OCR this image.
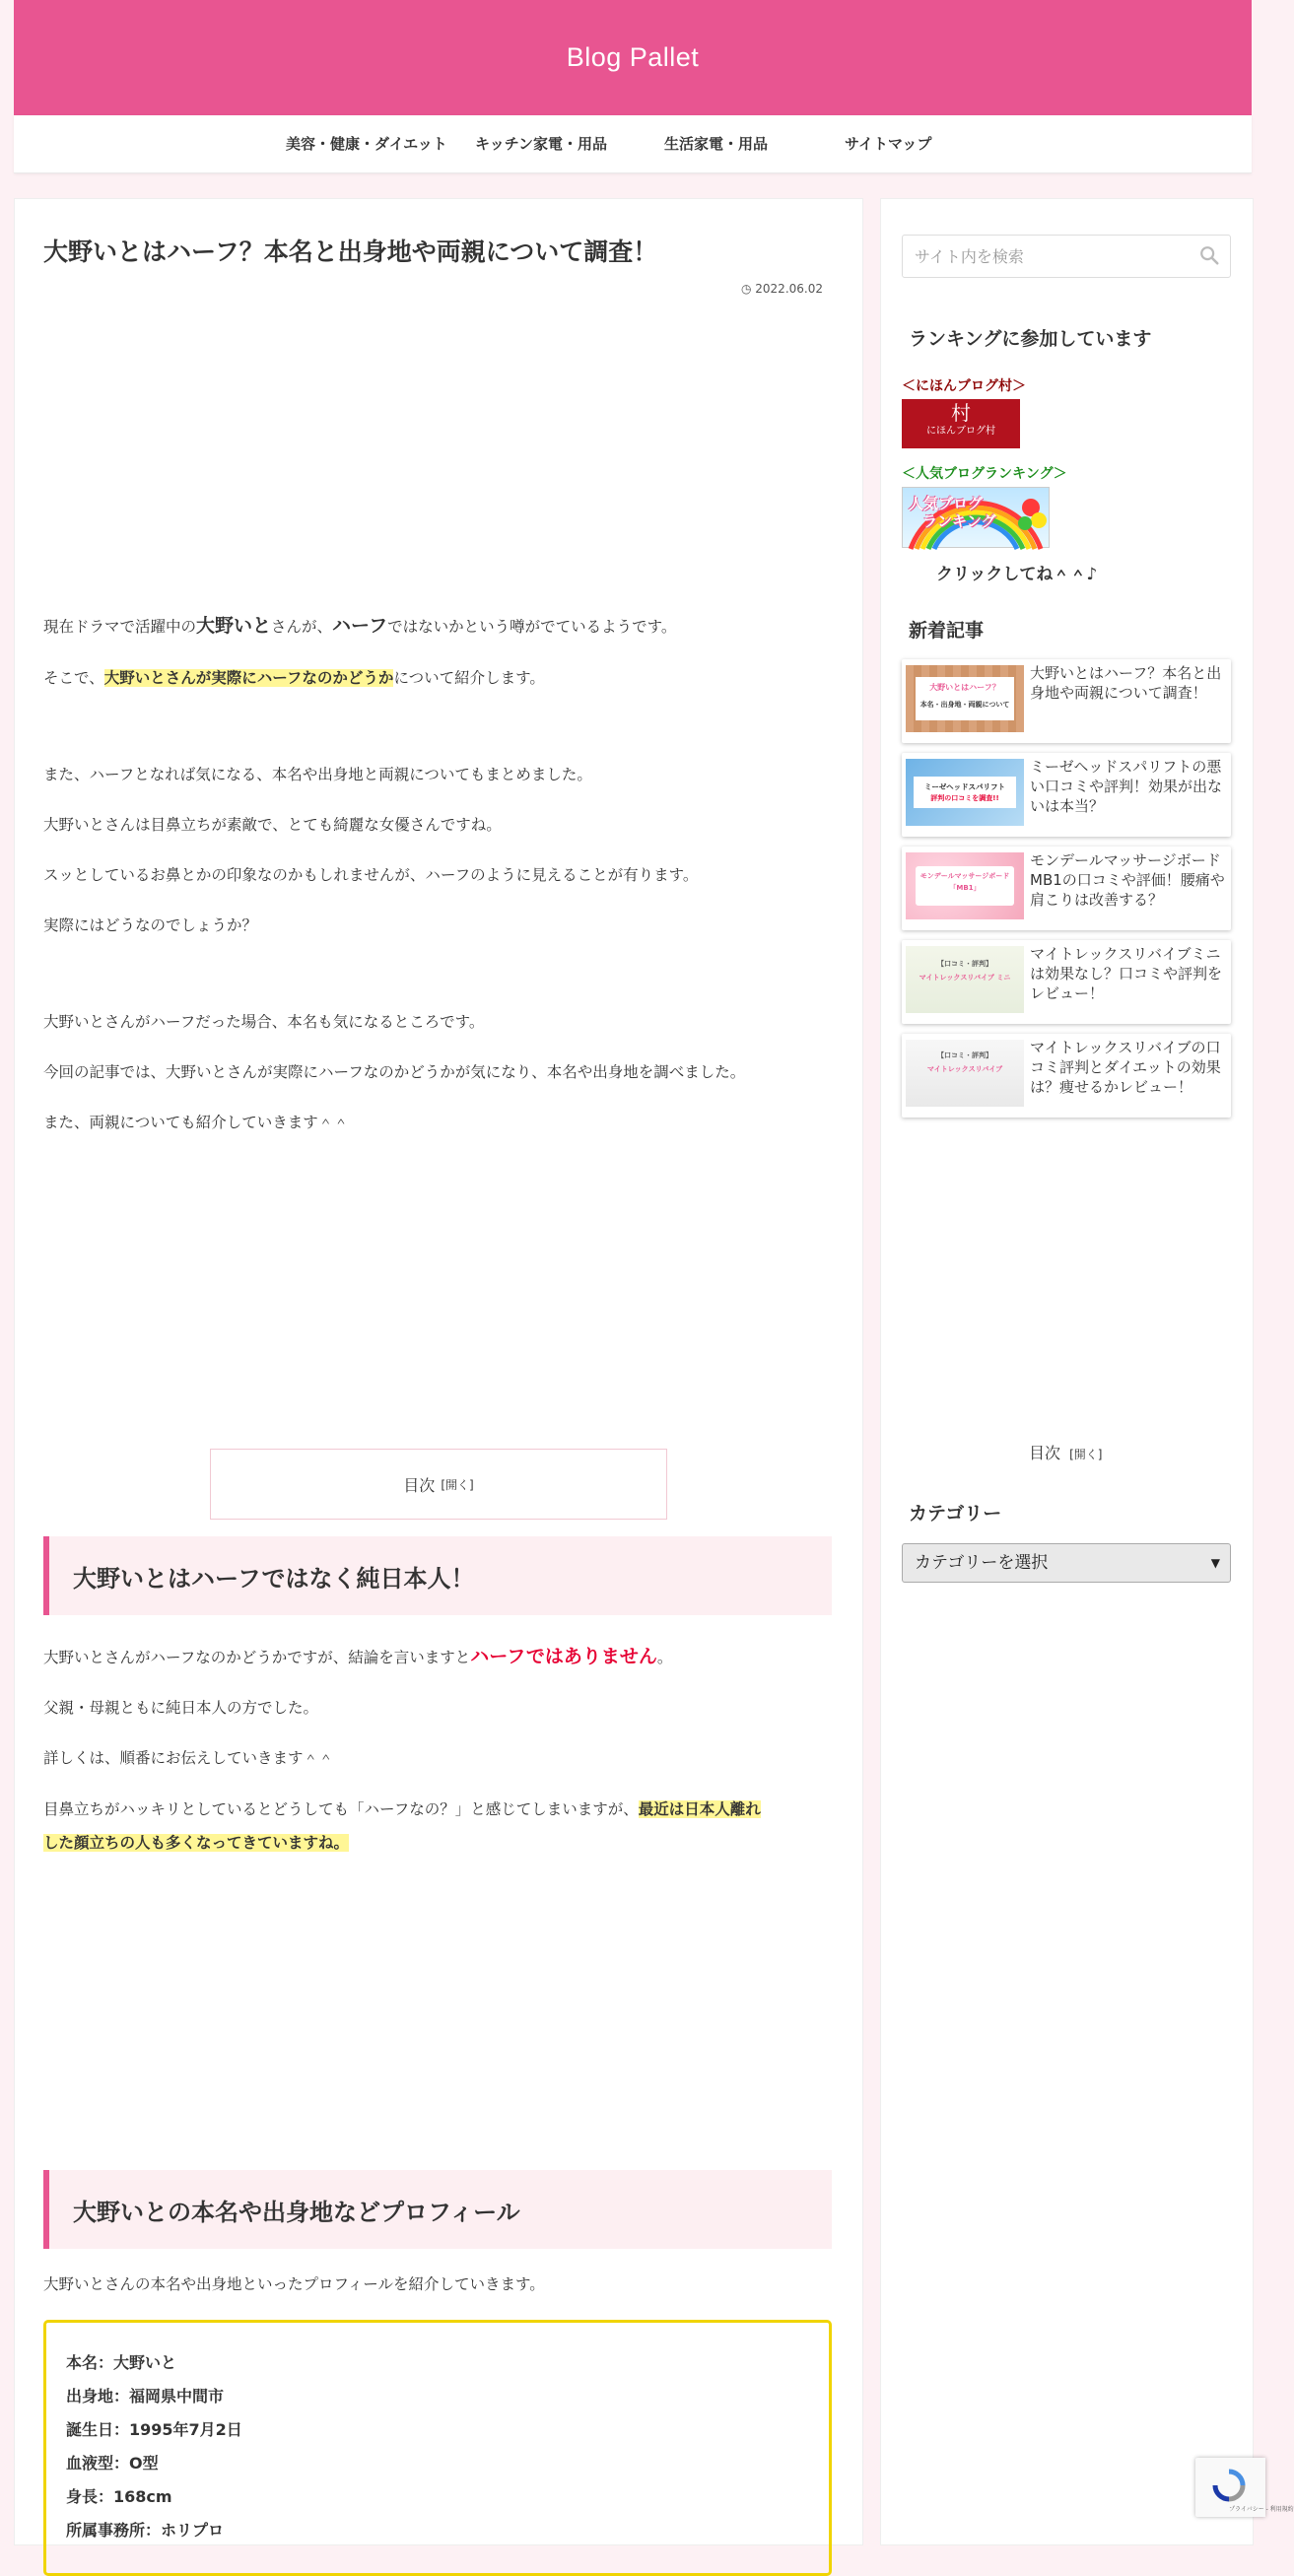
Blog Pallet
美容・健康・ダイエット キッチン家電・用品	生活家電・用品	サイトマップ
大野いとはハーフ？本名と出身地や両親について調査！
◷ 2022.06.02
現在ドラマで活躍中の大野いとさんが、ハーフではないかという噂がでているようです。
そこで、大野いとさんが実際にハーフなのかどうかについて紹介します。
また、ハーフとなれば気になる、本名や出身地と両親についてもまとめました。
大野いとさんは目鼻立ちが素敵で、とても綺麗な女優さんですね。
スッとしているお鼻とかの印象なのかもしれませんが、ハーフのように見えることが有ります。
実際にはどうなのでしょうか？
大野いとさんがハーフだった場合、本名も気になるところです。
今回の記事では、大野いとさんが実際にハーフなのかどうかが気になり、本名や出身地を調べました。
また、両親についても紹介していきます＾＾
目次 [開く]
大野いとはハーフではなく純日本人！
大野いとさんがハーフなのかどうかですが、結論を言いますとハーフではありません。
父親・母親ともに純日本人の方でした。
詳しくは、順番にお伝えしていきます＾＾
目鼻立ちがハッキリとしているとどうしても「ハーフなの？」と感じてしまいますが、最近は日本人離れ
した顔立ちの人も多くなってきていますね。
大野いとの本名や出身地などプロフィール
大野いとさんの本名や出身地といったプロフィールを紹介していきます。
本名：大野いと
出身地：福岡県中間市
誕生日：1995年7月2日
血液型：O型
身長：168cm
所属事務所：ホリプロ
サイト内を検索
ランキングに参加しています
＜にほんブログ村＞
村
にほんブログ村
＜人気ブログランキング＞
人気ブログ
ランキング
クリックしてね＾＾♪
新着記事
大野いとはハーフ？
本名・出身地・両親について
大野いとはハーフ？本名と出身地や両親について調査！
ミーゼヘッドスパリフト
評判の口コミを調査!!
ミーゼヘッドスパリフトの悪い口コミや評判！効果が出ないは本当？
モンデールマッサージボード
「MB1」
モンデールマッサージボードMB1の口コミや評価！腰痛や肩こりは改善する？
【口コミ・評判】
マイトレックスリバイブ ミニ
マイトレックスリバイブミニは効果なし？口コミや評判をレビュー！
【口コミ・評判】
マイトレックスリバイブ
マイトレックスリバイブの口コミ評判とダイエットの効果は？痩せるかレビュー！
目次 [開く]
カテゴリー
カテゴリーを選択	▼
プライバシー - 利用規約
